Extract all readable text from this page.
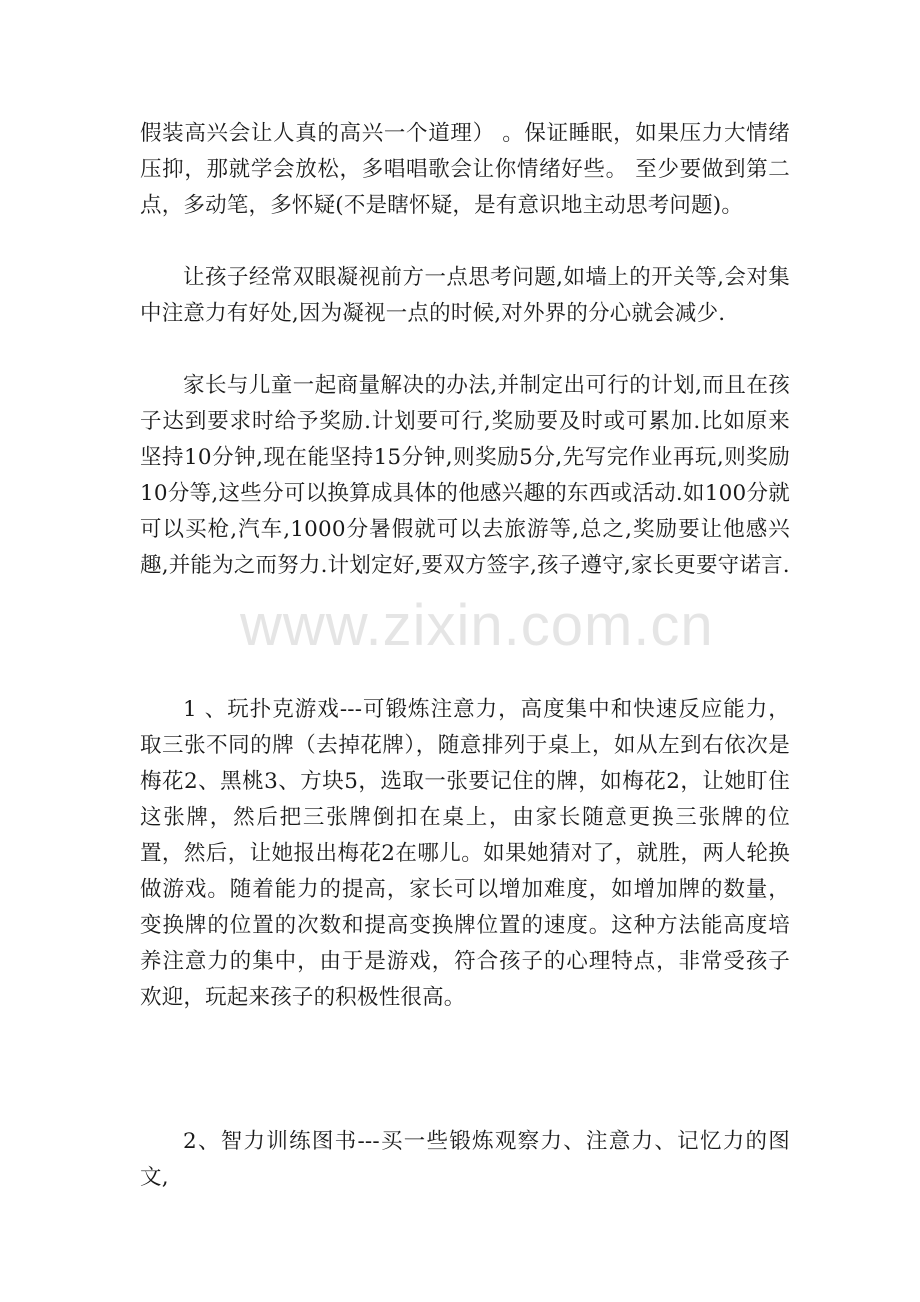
假装高兴会让人真的高兴一个道理） 。保证睡眠，如果压力大情绪压抑，那就学会放松，多唱唱歌会让你情绪好些。 至少要做到第二点，多动笔，多怀疑(不是瞎怀疑，是有意识地主动思考问题)。

让孩子经常双眼凝视前方一点思考问题,如墙上的开关等,会对集中注意力有好处,因为凝视一点的时候,对外界的分心就会减少.

家长与儿童一起商量解决的办法,并制定出可行的计划,而且在孩子达到要求时给予奖励.计划要可行,奖励要及时或可累加.比如原来坚持10分钟,现在能坚持15分钟,则奖励5分,先写完作业再玩,则奖励10分等,这些分可以换算成具体的他感兴趣的东西或活动.如100分就可以买枪,汽车,1000分暑假就可以去旅游等,总之,奖励要让他感兴趣,并能为之而努力.计划定好,要双方签字,孩子遵守,家长更要守诺言.

1 、玩扑克游戏---可锻炼注意力，高度集中和快速反应能力，取三张不同的牌（去掉花牌），随意排列于桌上，如从左到右依次是梅花2、黑桃3、方块5，选取一张要记住的牌，如梅花2，让她盯住这张牌，然后把三张牌倒扣在桌上，由家长随意更换三张牌的位置，然后，让她报出梅花2在哪儿。如果她猜对了，就胜，两人轮换做游戏。随着能力的提高，家长可以增加难度，如增加牌的数量，变换牌的位置的次数和提高变换牌位置的速度。这种方法能高度培养注意力的集中，由于是游戏，符合孩子的心理特点，非常受孩子欢迎，玩起来孩子的积极性很高。

2、智力训练图书---买一些锻炼观察力、注意力、记忆力的图文,

www.zixin.com.cn
